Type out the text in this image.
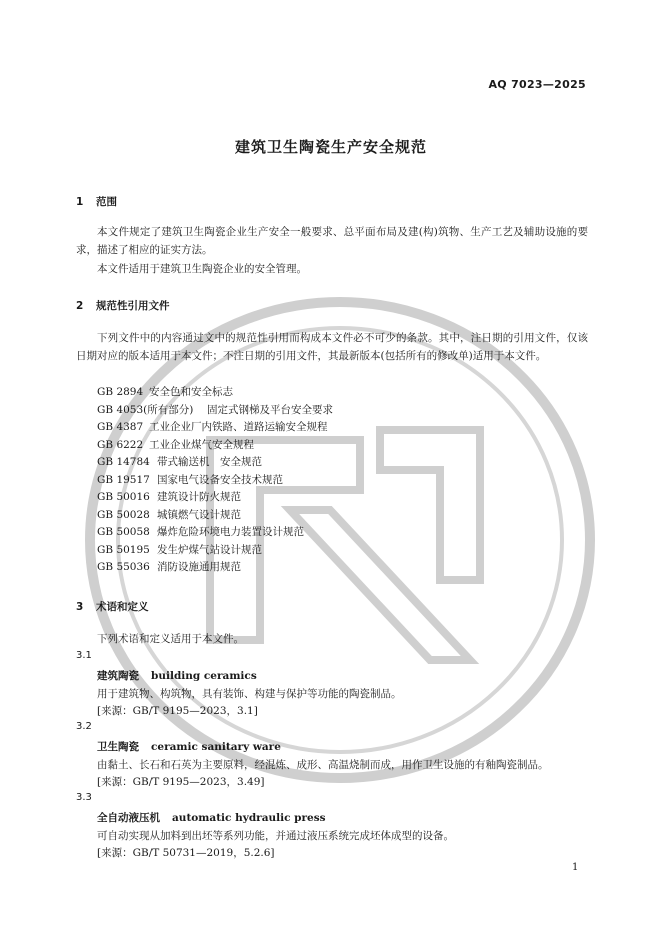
AQ 7023—2025
建筑卫生陶瓷生产安全规范
1 范围
本文件规定了建筑卫生陶瓷企业生产安全一般要求、总平面布局及建(构)筑物、生产工艺及辅助设施的要求，描述了相应的证实方法。
本文件适用于建筑卫生陶瓷企业的安全管理。
2 规范性引用文件
下列文件中的内容通过文中的规范性引用而构成本文件必不可少的条款。其中，注日期的引用文件，仅该日期对应的版本适用于本文件；不注日期的引用文件，其最新版本(包括所有的修改单)适用于本文件。
GB 2894 安全色和安全标志
GB 4053(所有部分) 固定式钢梯及平台安全要求
GB 4387 工业企业厂内铁路、道路运输安全规程
GB 6222 工业企业煤气安全规程
GB 14784 带式输送机　安全规范
GB 19517 国家电气设备安全技术规范
GB 50016 建筑设计防火规范
GB 50028 城镇燃气设计规范
GB 50058 爆炸危险环境电力装置设计规范
GB 50195 发生炉煤气站设计规范
GB 55036 消防设施通用规范
3 术语和定义
下列术语和定义适用于本文件。
3.1
建筑陶瓷 building ceramics
用于建筑物、构筑物，具有装饰、构建与保护等功能的陶瓷制品。
[来源：GB/T 9195—2023，3.1]
3.2
卫生陶瓷 ceramic sanitary ware
由黏土、长石和石英为主要原料，经混炼、成形、高温烧制而成，用作卫生设施的有釉陶瓷制品。
[来源：GB/T 9195—2023，3.49]
3.3
全自动液压机 automatic hydraulic press
可自动实现从加料到出坯等系列功能，并通过液压系统完成坯体成型的设备。
[来源：GB/T 50731—2019，5.2.6]
1
